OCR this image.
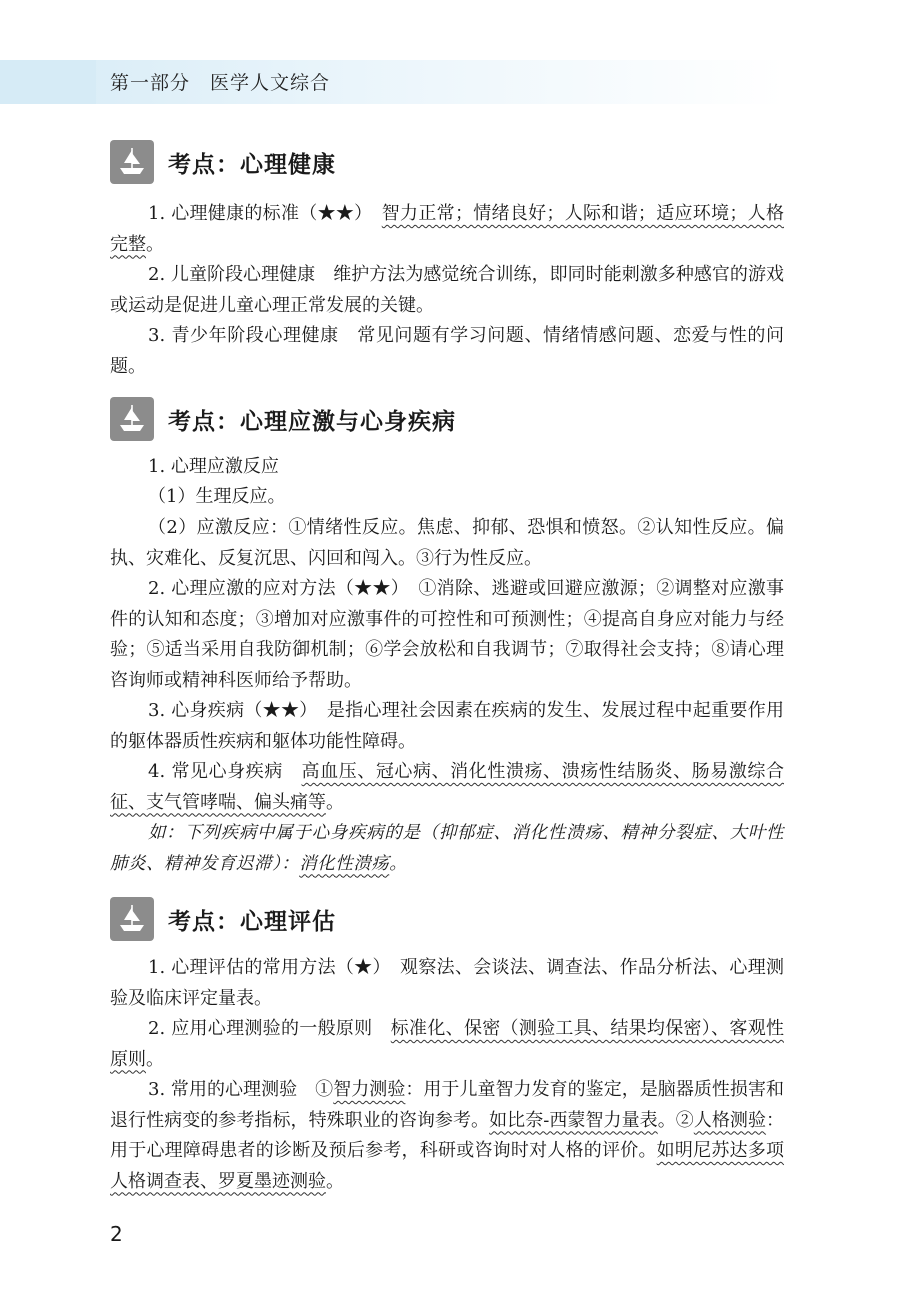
第一部分　医学人文综合
考点：心理健康
1. 心理健康的标准（★★）　 智力正常；情绪良好；人际和谐；适应环境；人格完整。
2. 儿童阶段心理健康　维护方法为感觉统合训练，即同时能刺激多种感官的游戏或运动是促进儿童心理正常发展的关键。
3. 青少年阶段心理健康　常见问题有学习问题、情绪情感问题、恋爱与性的问题。
考点：心理应激与心身疾病
1. 心理应激反应
（1）生理反应。
（2）应激反应：①情绪性反应。焦虑、抑郁、恐惧和愤怒。②认知性反应。偏执、灾难化、反复沉思、闪回和闯入。③行为性反应。
2. 心理应激的应对方法（★★）　①消除、逃避或回避应激源；②调整对应激事件的认知和态度；③增加对应激事件的可控性和可预测性；④提高自身应对能力与经验；⑤适当采用自我防御机制；⑥学会放松和自我调节；⑦取得社会支持；⑧请心理咨询师或精神科医师给予帮助。
3. 心身疾病（★★）　是指心理社会因素在疾病的发生、发展过程中起重要作用的躯体器质性疾病和躯体功能性障碍。
4. 常见心身疾病　高血压、冠心病、消化性溃疡、溃疡性结肠炎、肠易激综合征、支气管哮喘、偏头痛等。
如：下列疾病中属于心身疾病的是（抑郁症、消化性溃疡、精神分裂症、大叶性肺炎、精神发育迟滞）：消化性溃疡。
考点：心理评估
1. 心理评估的常用方法（★）　观察法、会谈法、调查法、作品分析法、心理测验及临床评定量表。
2. 应用心理测验的一般原则　标准化、保密（测验工具、结果均保密）、客观性原则。
3. 常用的心理测验　①智力测验：用于儿童智力发育的鉴定，是脑器质性损害和退行性病变的参考指标，特殊职业的咨询参考。如比奈-西蒙智力量表。②人格测验：用于心理障碍患者的诊断及预后参考，科研或咨询时对人格的评价。如明尼苏达多项人格调查表、罗夏墨迹测验。
2
